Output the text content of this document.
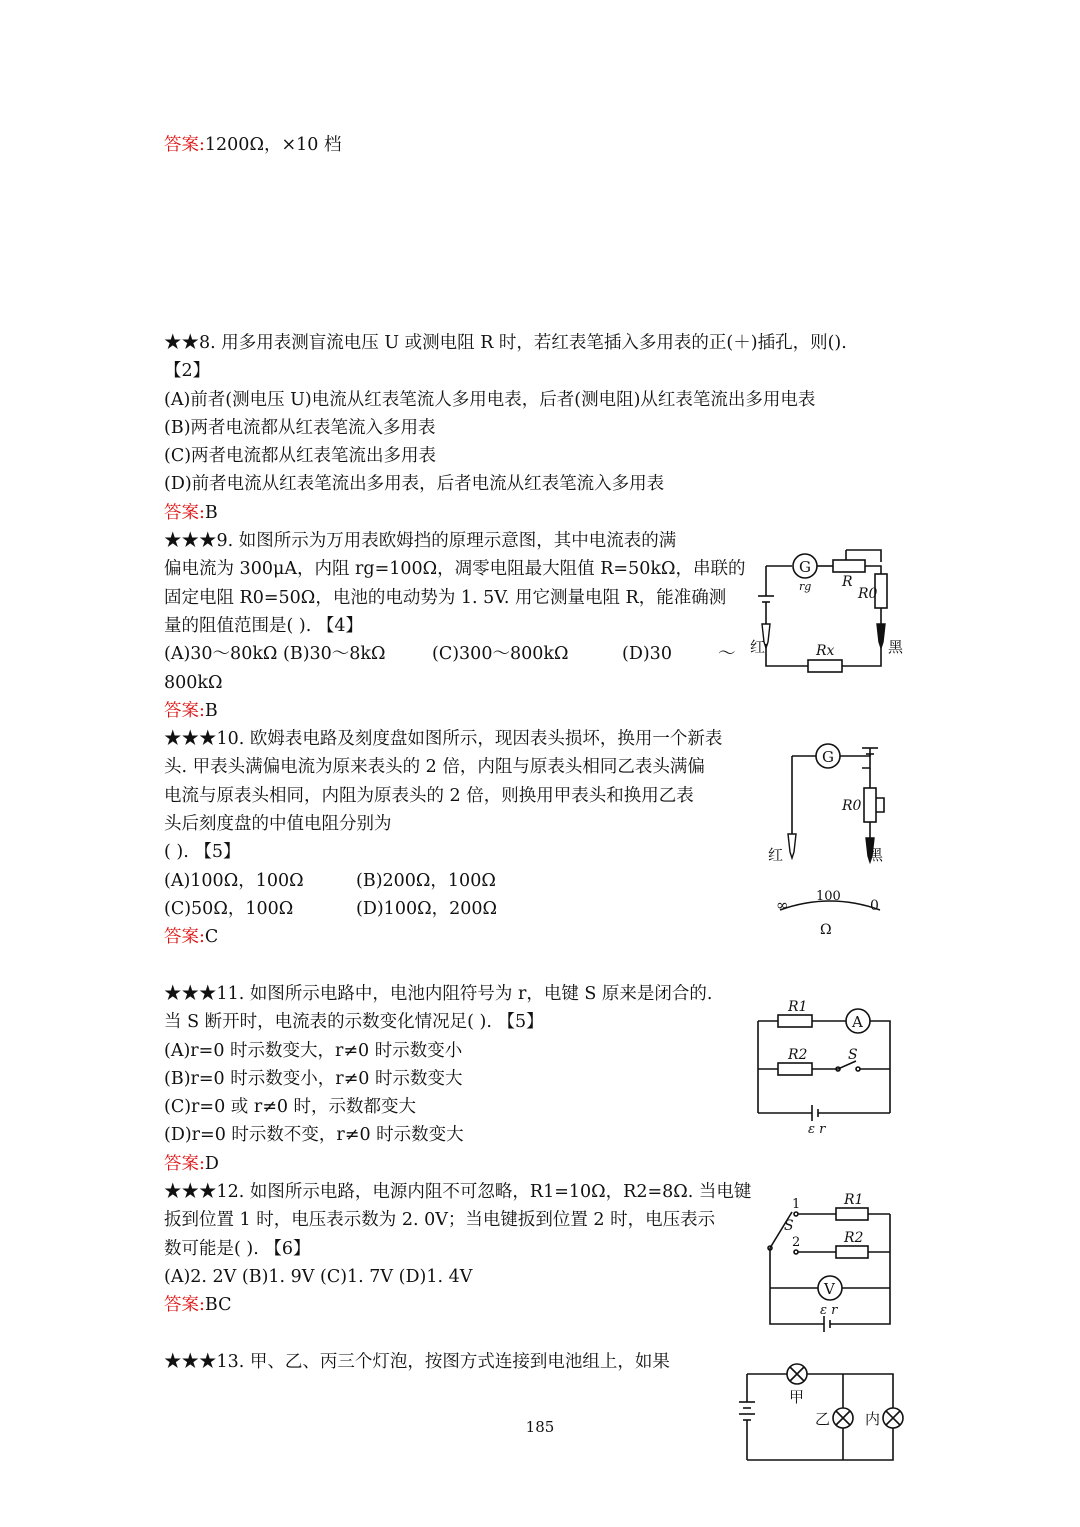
答案:1200Ω，×10 档
★★8. 用多用表测盲流电压 U 或测电阻 R 时，若红表笔插入多用表的正(＋)插孔，则().
【2】
(A)前者(测电压 U)电流从红表笔流人多用电表，后者(测电阻)从红表笔流出多用电表
(B)两者电流都从红表笔流入多用表
(C)两者电流都从红表笔流出多用表
(D)前者电流从红表笔流出多用表，后者电流从红表笔流入多用表
答案:B
★★★9. 如图所示为万用表欧姆挡的原理示意图，其中电流表的满
偏电流为 300μA，内阻 rg=100Ω，凋零电阻最大阻值 R=50kΩ，串联的
固定电阻 R0=50Ω，电池的电动势为 1. 5V. 用它测量电阻 R，能准确测
量的阻值范围是( ). 【4】
(A)30～80kΩ (B)30～8kΩ	(C)300～800kΩ	(D)30	～
800kΩ
答案:B
G
rg R
R0
红	Rx	黑
★★★10. 欧姆表电路及刻度盘如图所示，现因表头损坏，换用一个新表
头. 甲表头满偏电流为原来表头的 2 倍，内阻与原表头相同乙表头满偏
电流与原表头相同，内阻为原表头的 2 倍，则换用甲表头和换用乙表
头后刻度盘的中值电阻分别为
( ). 【5】
(A)100Ω，100Ω	(B)200Ω，100Ω
(C)50Ω，100Ω	(D)100Ω，200Ω
答案:C
G
R0
红	黑
100
∞	0
Ω
★★★11. 如图所示电路中，电池内阻符号为 r，电键 S 原来是闭合的.
当 S 断开时，电流表的示数变化情况足( ). 【5】
(A)r=0 时示数变大，r≠0 时示数变小
(B)r=0 时示数变小，r≠0 时示数变大
(C)r=0 或 r≠0 时，示数都变大
(D)r=0 时示数不变，r≠0 时示数变大
答案:D
R1
A
R2	S
ε r
★★★12. 如图所示电路，电源内阻不可忽略，R1=10Ω，R2=8Ω. 当电键
扳到位置 1 时，电压表示数为 2. 0V；当电键扳到位置 2 时，电压表示
数可能是( ). 【6】
(A)2. 2V (B)1. 9V (C)1. 7V (D)1. 4V
答案:BC
1
S
2
R1
R2
V
ε r
★★★13. 甲、乙、丙三个灯泡，按图方式连接到电池组上，如果
甲
乙 内
185
